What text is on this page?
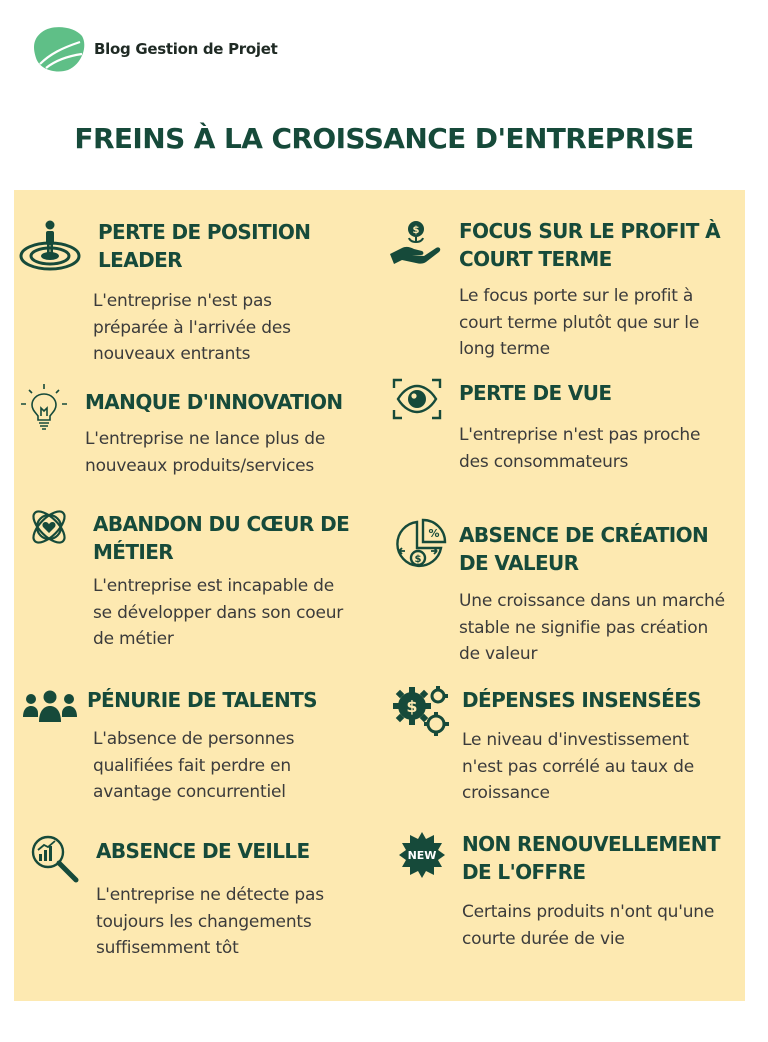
Blog Gestion de Projet
FREINS À LA CROISSANCE D'ENTREPRISE
PERTE DE POSITION LEADER
L'entreprise n'est pas préparée à l'arrivée des nouveaux entrants
MANQUE D'INNOVATION
L'entreprise ne lance plus de nouveaux produits/services
ABANDON DU CŒUR DE MÉTIER
L'entreprise est incapable de se développer dans son coeur de métier
PÉNURIE DE TALENTS
L'absence de personnes qualifiées fait perdre en avantage concurrentiel
ABSENCE DE VEILLE
L'entreprise ne détecte pas toujours les changements suffisemment tôt
$ FOCUS SUR LE PROFIT À COURT TERME
Le focus porte sur le profit à court terme plutôt que sur le long terme
PERTE DE VUE
L'entreprise n'est pas proche des consommateurs
%
$
ABSENCE DE CRÉATION DE VALEUR
Une croissance dans un marché stable ne signifie pas création de valeur
$ DÉPENSES INSENSÉES
Le niveau d'investissement n'est pas corrélé au taux de croissance
NEW NON RENOUVELLEMENT DE L'OFFRE
Certains produits n'ont qu'une courte durée de vie
